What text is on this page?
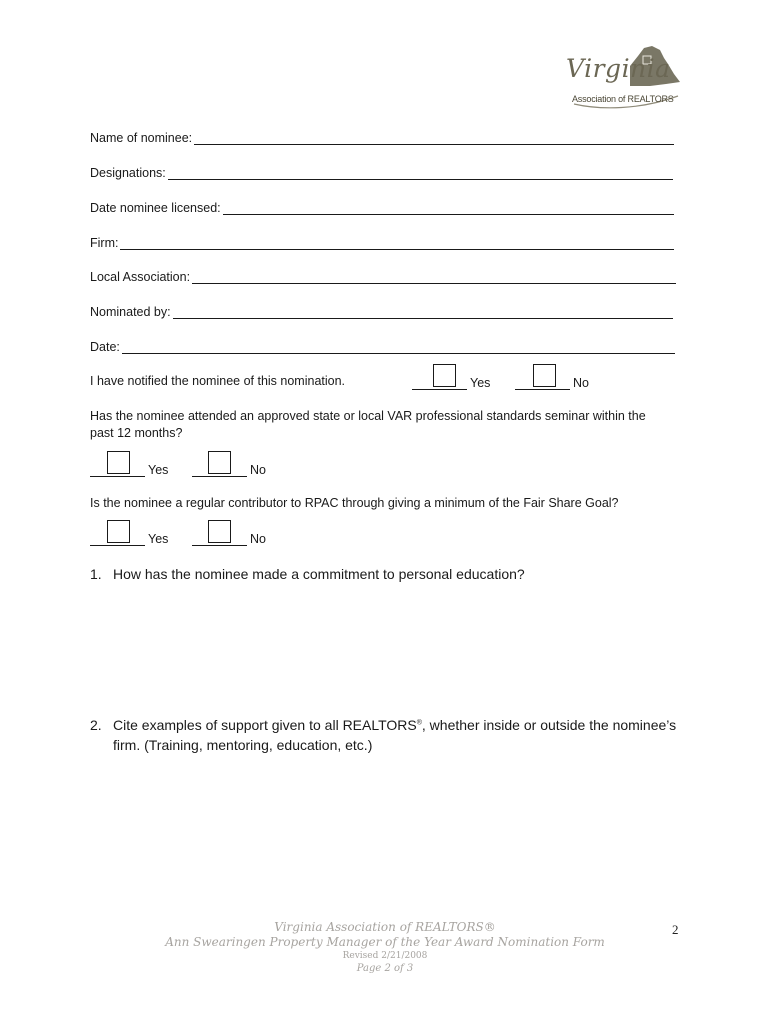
Virginia
Association of REALTORS
Name of nominee:
Designations:
Date nominee licensed:
Firm:
Local Association:
Nominated by:
Date:
I have notified the nominee of this nomination.	Yes	No
Has the nominee attended an approved state or local VAR professional standards seminar within the past 12 months?
Yes	No
Is the nominee a regular contributor to RPAC through giving a minimum of the Fair Share Goal?
Yes	No
1. How has the nominee made a commitment to personal education?
2. Cite examples of support given to all REALTORS®, whether inside or outside the nominee’s firm. (Training, mentoring, education, etc.)
Virginia Association of REALTORS®
Ann Swearingen Property Manager of the Year Award Nomination Form
Revised 2/21/2008
Page 2 of 3
2
